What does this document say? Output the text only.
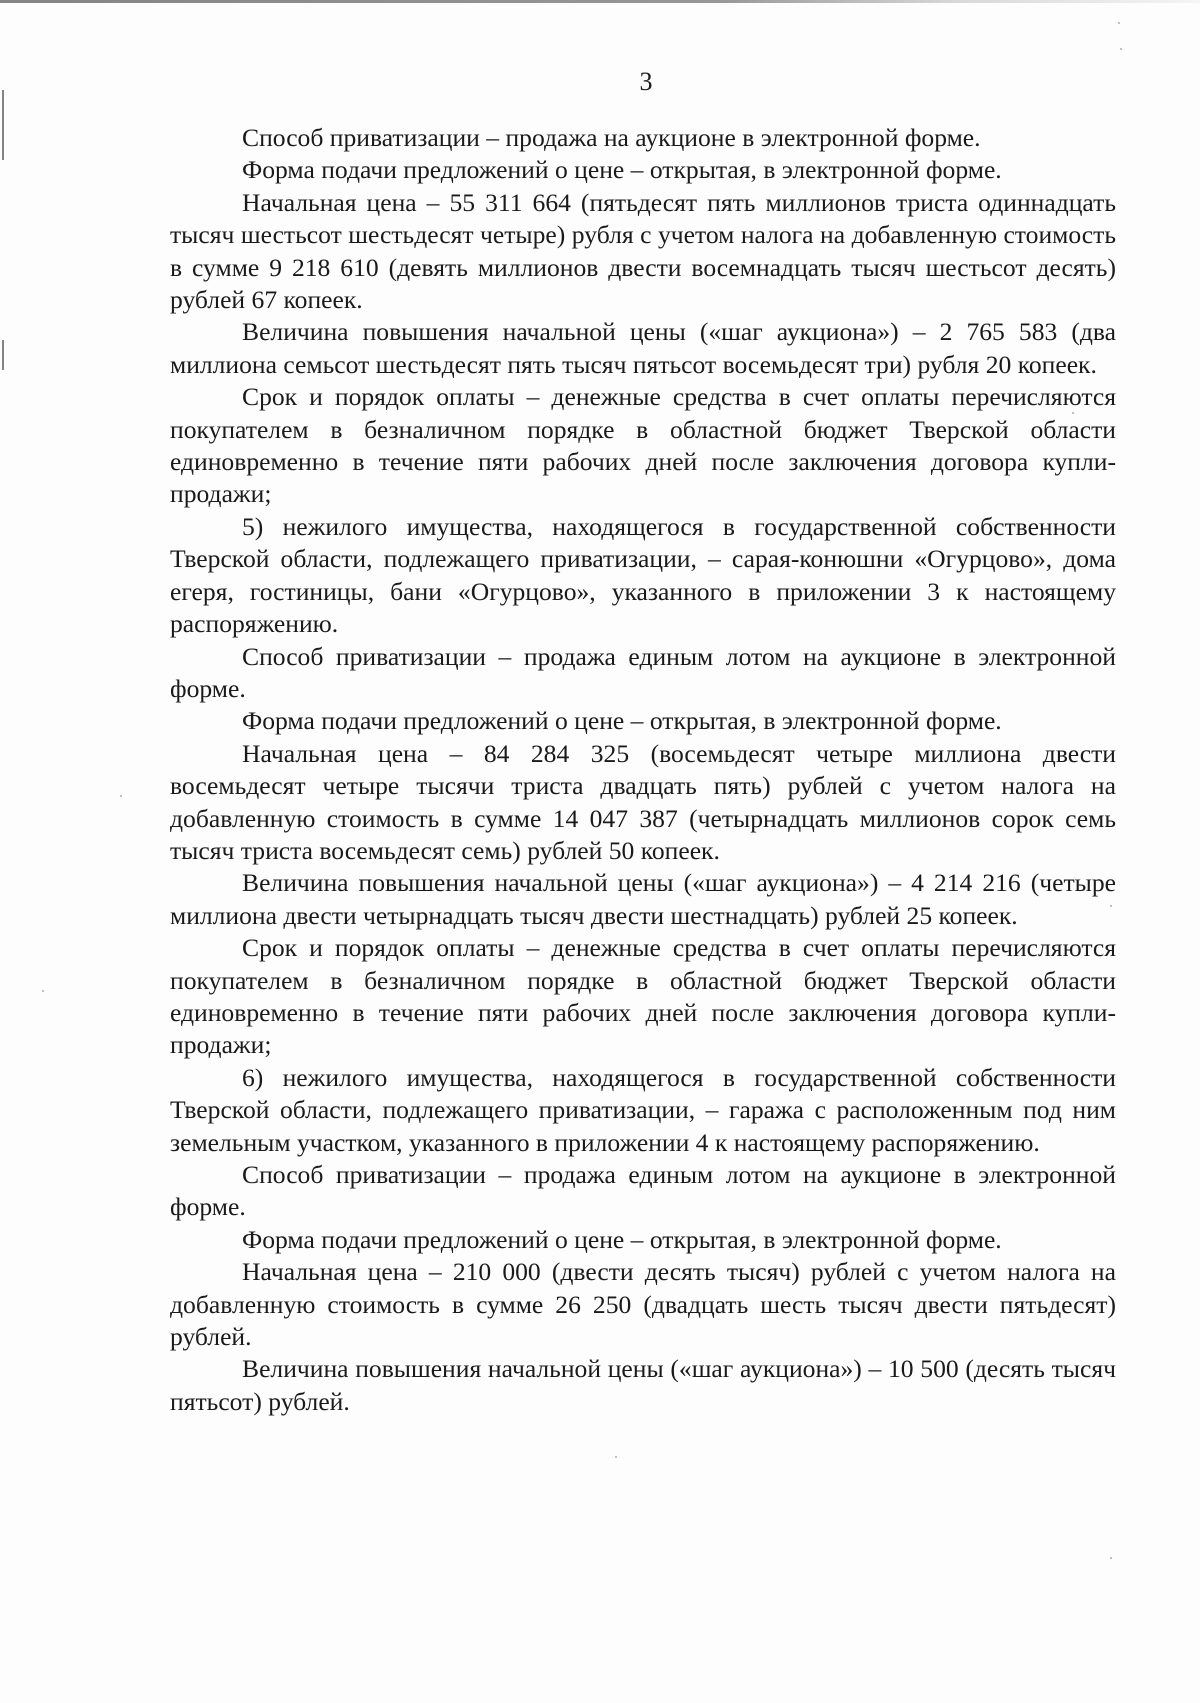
3

Способ приватизации – продажа на аукционе в электронной форме.

Форма подачи предложений о цене – открытая, в электронной форме.

Начальная цена – 55 311 664 (пятьдесят пять миллионов триста одиннадцать тысяч шестьсот шестьдесят четыре) рубля с учетом налога на добавленную стоимость в сумме 9 218 610 (девять миллионов двести восемнадцать тысяч шестьсот десять) рублей 67 копеек.

Величина повышения начальной цены («шаг аукциона») – 2 765 583 (два миллиона семьсот шестьдесят пять тысяч пятьсот восемьдесят три) рубля 20 копеек.

Срок и порядок оплаты – денежные средства в счет оплаты перечисляются покупателем в безналичном порядке в областной бюджет Тверской области единовременно в течение пяти рабочих дней после заключения договора купли-продажи;

5) нежилого имущества, находящегося в государственной собственности Тверской области, подлежащего приватизации, – сарая-конюшни «Огурцово», дома егеря, гостиницы, бани «Огурцово», указанного в приложении 3 к настоящему распоряжению.

Способ приватизации – продажа единым лотом на аукционе в электронной форме.

Форма подачи предложений о цене – открытая, в электронной форме.

Начальная цена – 84 284 325 (восемьдесят четыре миллиона двести восемьдесят четыре тысячи триста двадцать пять) рублей с учетом налога на добавленную стоимость в сумме 14 047 387 (четырнадцать миллионов сорок семь тысяч триста восемьдесят семь) рублей 50 копеек.

Величина повышения начальной цены («шаг аукциона») – 4 214 216 (четыре миллиона двести четырнадцать тысяч двести шестнадцать) рублей 25 копеек.

Срок и порядок оплаты – денежные средства в счет оплаты перечисляются покупателем в безналичном порядке в областной бюджет Тверской области единовременно в течение пяти рабочих дней после заключения договора купли-продажи;

6) нежилого имущества, находящегося в государственной собственности Тверской области, подлежащего приватизации, – гаража с расположенным под ним земельным участком, указанного в приложении 4 к настоящему распоряжению.

Способ приватизации – продажа единым лотом на аукционе в электронной форме.

Форма подачи предложений о цене – открытая, в электронной форме.

Начальная цена – 210 000 (двести десять тысяч) рублей с учетом налога на добавленную стоимость в сумме 26 250 (двадцать шесть тысяч двести пятьдесят) рублей.

Величина повышения начальной цены («шаг аукциона») – 10 500 (десять тысяч пятьсот) рублей.
